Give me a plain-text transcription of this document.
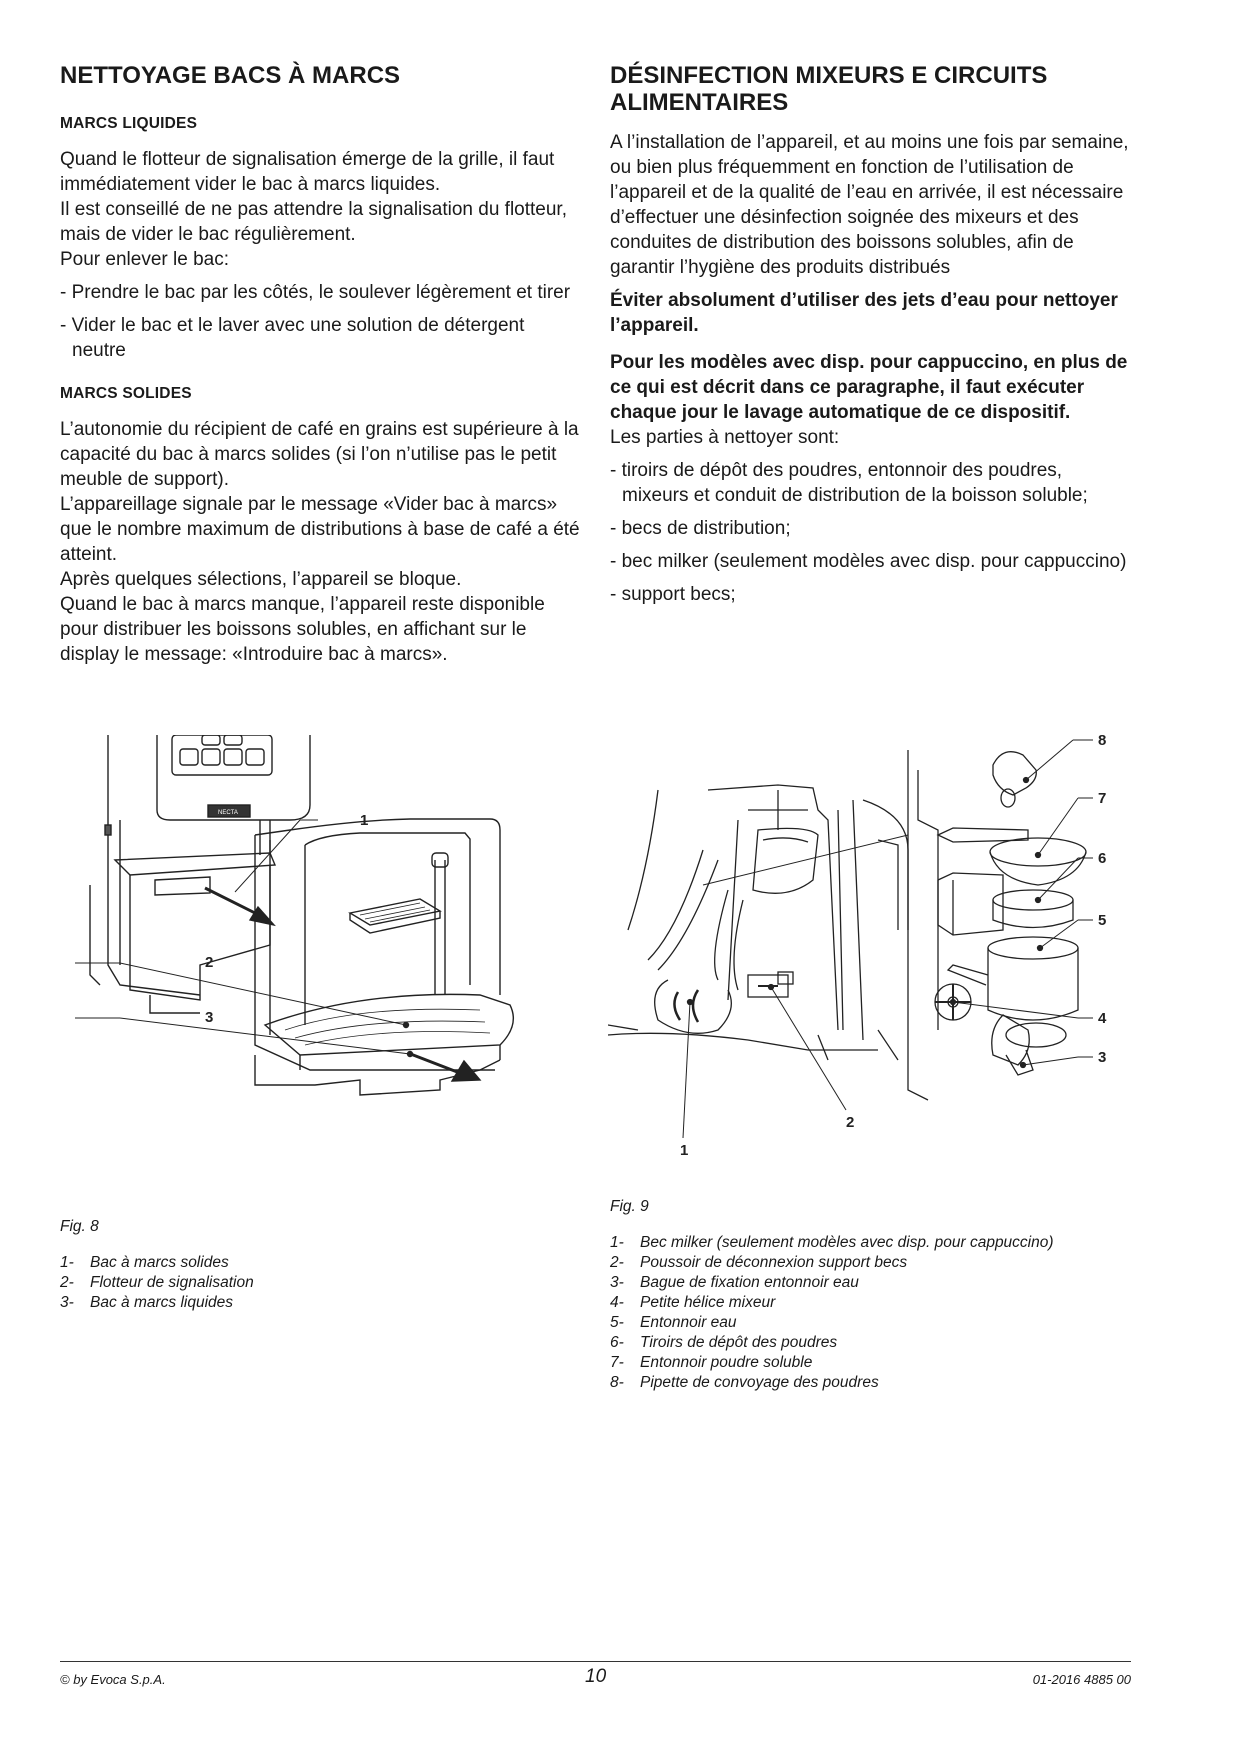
NETTOYAGE BACS À MARCS
MARCS LIQUIDES

Quand le flotteur de signalisation émerge de la grille, il faut immédiatement vider le bac à marcs liquides.

Il est conseillé de ne pas attendre la signalisation du flotteur, mais de vider le bac régulièrement.

Pour enlever le bac:

- Prendre le bac par les côtés, le soulever légèrement et tirer

- Vider le bac et le laver avec une solution de détergent neutre

MARCS SOLIDES

L’autonomie du récipient de café en grains est supérieure à la capacité du bac à marcs solides (si l’on n’utilise pas le petit meuble de support).

L’appareillage signale par le message «Vider bac à marcs» que le nombre maximum de distributions à base de café a été atteint.

Après quelques sélections, l’appareil se bloque.

Quand le bac à marcs manque, l’appareil reste disponible pour distribuer les boissons solubles, en affichant sur le display le message: «Introduire bac à marcs».

DÉSINFECTION MIXEURS E CIRCUITS ALIMENTAIRES

A l’installation de l’appareil, et au moins une fois par semaine, ou bien plus fréquemment en fonction de l’utilisation de l’appareil et de la qualité de l’eau en arrivée, il est nécessaire d’effectuer une désinfection soignée des mixeurs et des conduites de distribution des boissons solubles, afin de garantir l’hygiène des produits distribués

Éviter absolument d’utiliser des jets d’eau pour nettoyer l’appareil.

Pour les modèles avec disp. pour cappuccino, en plus de ce qui est décrit dans ce paragraphe, il faut exécuter chaque jour le lavage automatique de ce dispositif.

Les parties à nettoyer sont:

- tiroirs de dépôt des poudres, entonnoir des poudres, mixeurs et conduit de distribution de la boisson soluble;

- becs de distribution;

- bec milker (seulement modèles avec disp. pour cappuccino)

- support becs;

NECTA	1
2
3
Fig. 8
1-	Bac à marcs solides
2-	Flotteur de signalisation
3-	Bac à marcs liquides
8
7
6
5
4
3
2
1
Fig. 9
1-	Bec milker (seulement modèles avec disp. pour cappuccino)
2-	Poussoir de déconnexion support becs
3-	Bague de fixation entonnoir eau
4-	Petite hélice mixeur
5-	Entonnoir eau
6-	Tiroirs de dépôt des poudres
7-	Entonnoir poudre soluble
8-	Pipette de convoyage des poudres
© by Evoca S.p.A.	10	01-2016 4885 00
